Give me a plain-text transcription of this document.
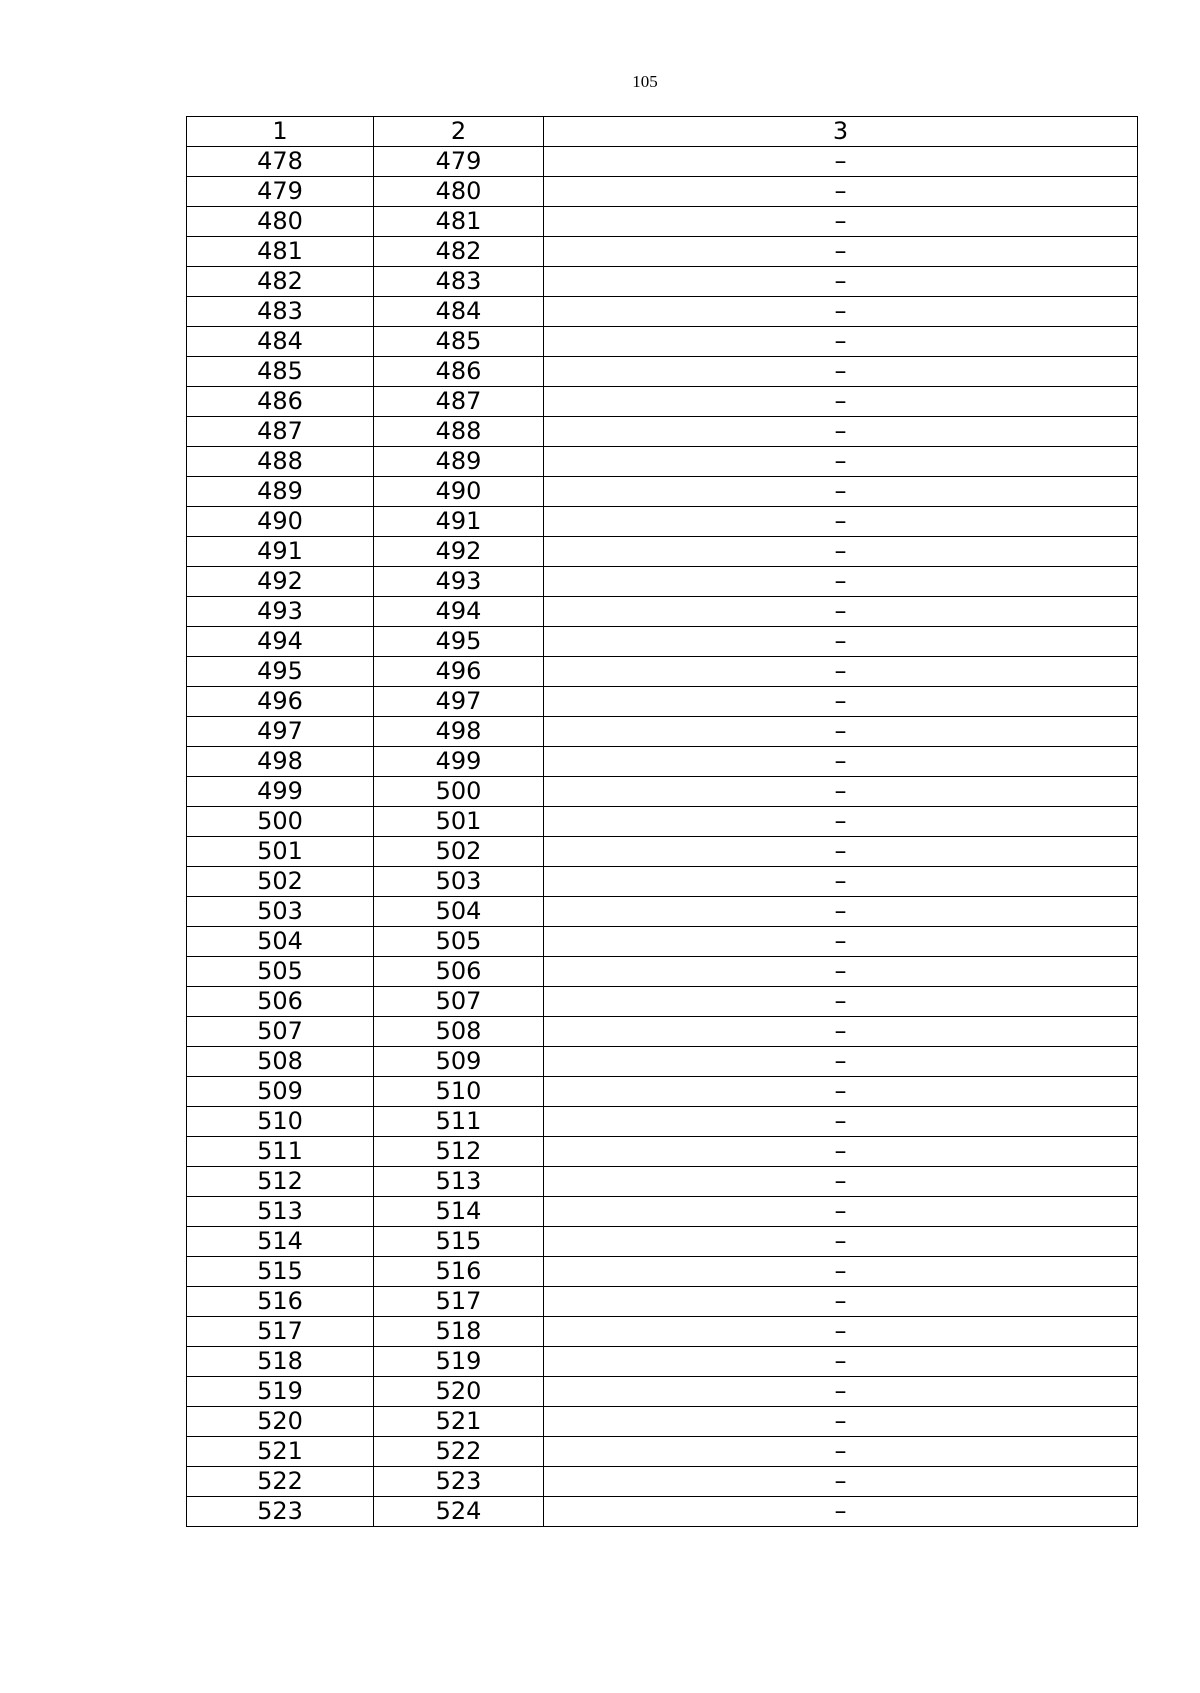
105
1	2	3
478	479	–
479	480	–
480	481	–
481	482	–
482	483	–
483	484	–
484	485	–
485	486	–
486	487	–
487	488	–
488	489	–
489	490	–
490	491	–
491	492	–
492	493	–
493	494	–
494	495	–
495	496	–
496	497	–
497	498	–
498	499	–
499	500	–
500	501	–
501	502	–
502	503	–
503	504	–
504	505	–
505	506	–
506	507	–
507	508	–
508	509	–
509	510	–
510	511	–
511	512	–
512	513	–
513	514	–
514	515	–
515	516	–
516	517	–
517	518	–
518	519	–
519	520	–
520	521	–
521	522	–
522	523	–
523	524	–
